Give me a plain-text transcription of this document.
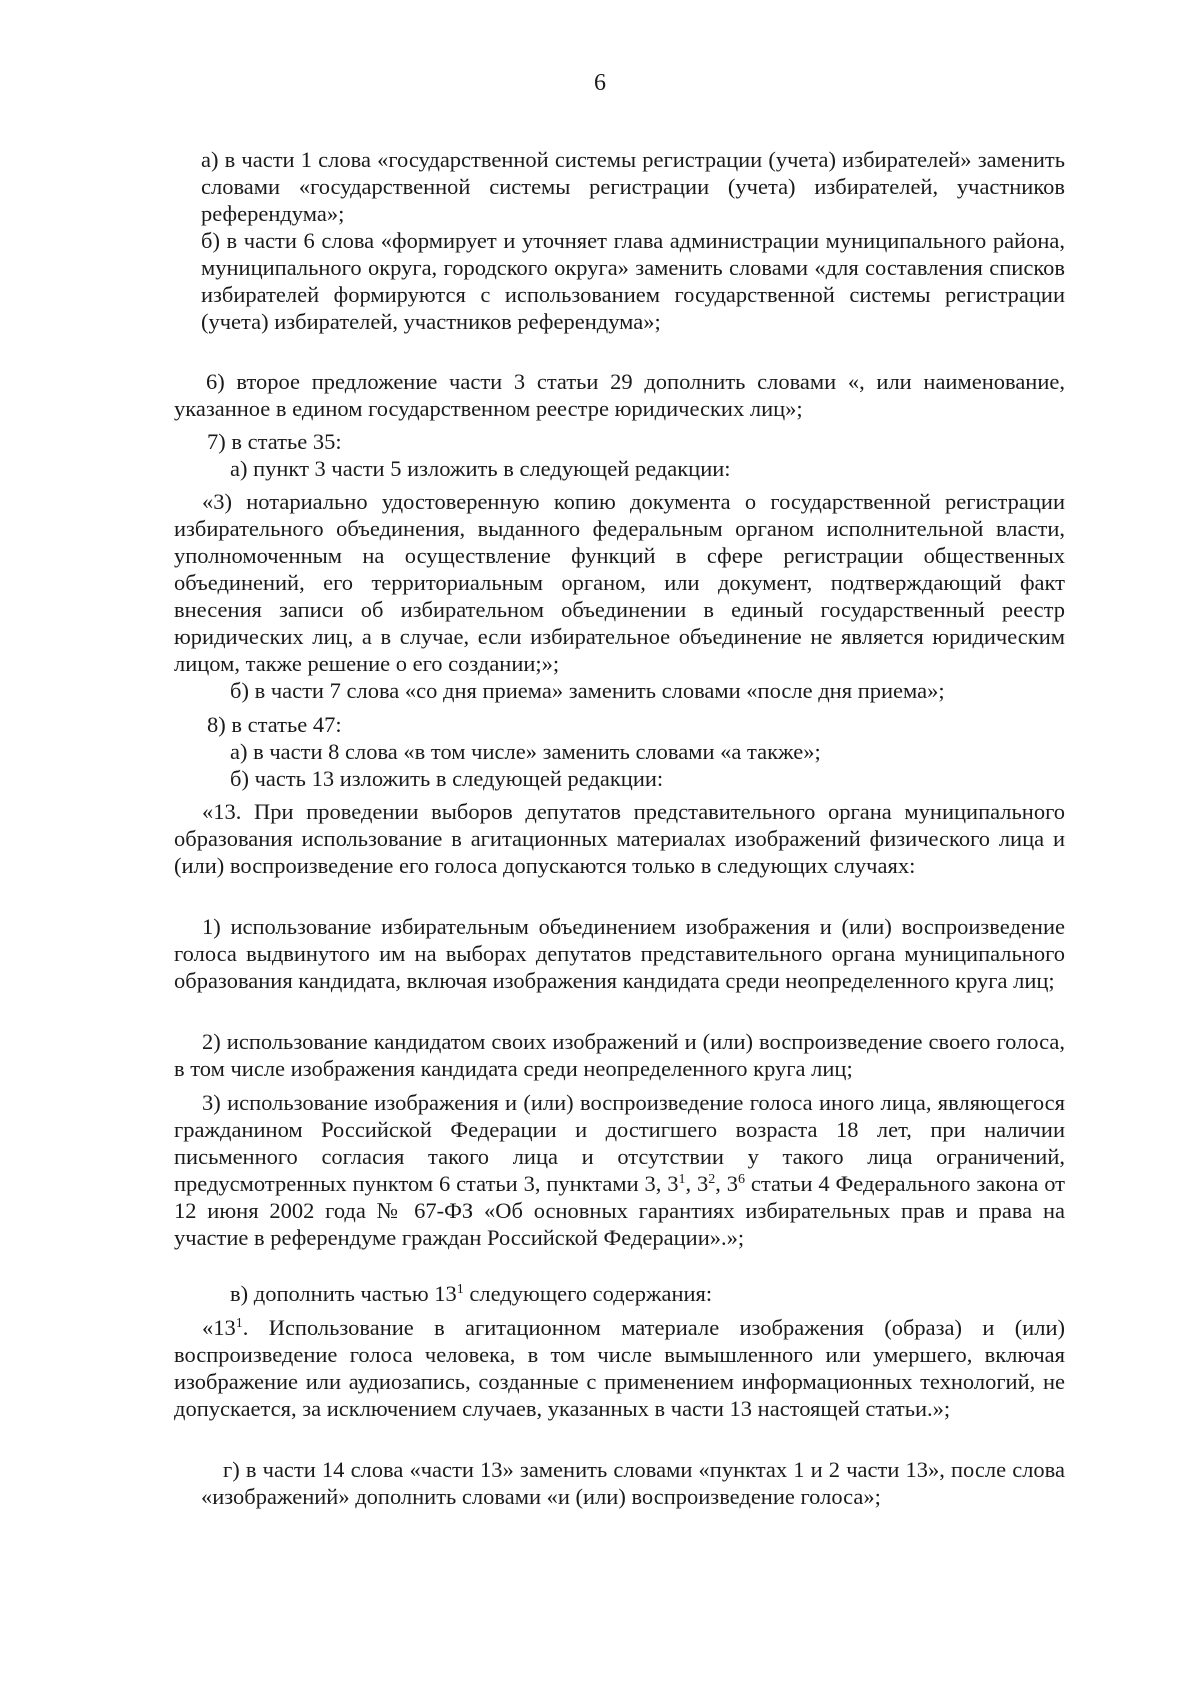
6

а) в части 1 слова «государственной системы регистрации (учета) избирателей» заменить словами «государственной системы регистрации (учета) избирателей, участников референдума»;

б) в части 6 слова «формирует и уточняет глава администрации муниципального района, муниципального округа, городского округа» заменить словами «для составления списков избирателей формируются с использованием государственной системы регистрации (учета) избирателей, участников референдума»;

6) второе предложение части 3 статьи 29 дополнить словами «, или наименование, указанное в едином государственном реестре юридических лиц»;

7) в статье 35:

а) пункт 3 части 5 изложить в следующей редакции:

«3) нотариально удостоверенную копию документа о государственной регистрации избирательного объединения, выданного федеральным органом исполнительной власти, уполномоченным на осуществление функций в сфере регистрации общественных объединений, его территориальным органом, или документ, подтверждающий факт внесения записи об избирательном объединении в единый государственный реестр юридических лиц, а в случае, если избирательное объединение не является юридическим лицом, также решение о его создании;»;

б) в части 7 слова «со дня приема» заменить словами «после дня приема»;

8) в статье 47:

а) в части 8 слова «в том числе» заменить словами «а также»;

б) часть 13 изложить в следующей редакции:

«13. При проведении выборов депутатов представительного органа муниципального образования использование в агитационных материалах изображений физического лица и (или) воспроизведение его голоса допускаются только в следующих случаях:

1) использование избирательным объединением изображения и (или) воспроизведение голоса выдвинутого им на выборах депутатов представительного органа муниципального образования кандидата, включая изображения кандидата среди неопределенного круга лиц;

2) использование кандидатом своих изображений и (или) воспроизведение своего голоса, в том числе изображения кандидата среди неопределенного круга лиц;

3) использование изображения и (или) воспроизведение голоса иного лица, являющегося гражданином Российской Федерации и достигшего возраста 18 лет, при наличии письменного согласия такого лица и отсутствии у такого лица ограничений, предусмотренных пунктом 6 статьи 3, пунктами 3, $3^1$, $3^2$, $3^6$ статьи 4 Федерального закона от 12 июня 2002 года № 67-ФЗ «Об основных гарантиях избирательных прав и права на участие в референдуме граждан Российской Федерации».»;

в) дополнить частью $13^1$ следующего содержания:

«$13^1$. Использование в агитационном материале изображения (образа) и (или) воспроизведение голоса человека, в том числе вымышленного или умершего, включая изображение или аудиозапись, созданные с применением информационных технологий, не допускается, за исключением случаев, указанных в части 13 настоящей статьи.»;

г) в части 14 слова «части 13» заменить словами «пунктах 1 и 2 части 13», после слова «изображений» дополнить словами «и (или) воспроизведение голоса»;
